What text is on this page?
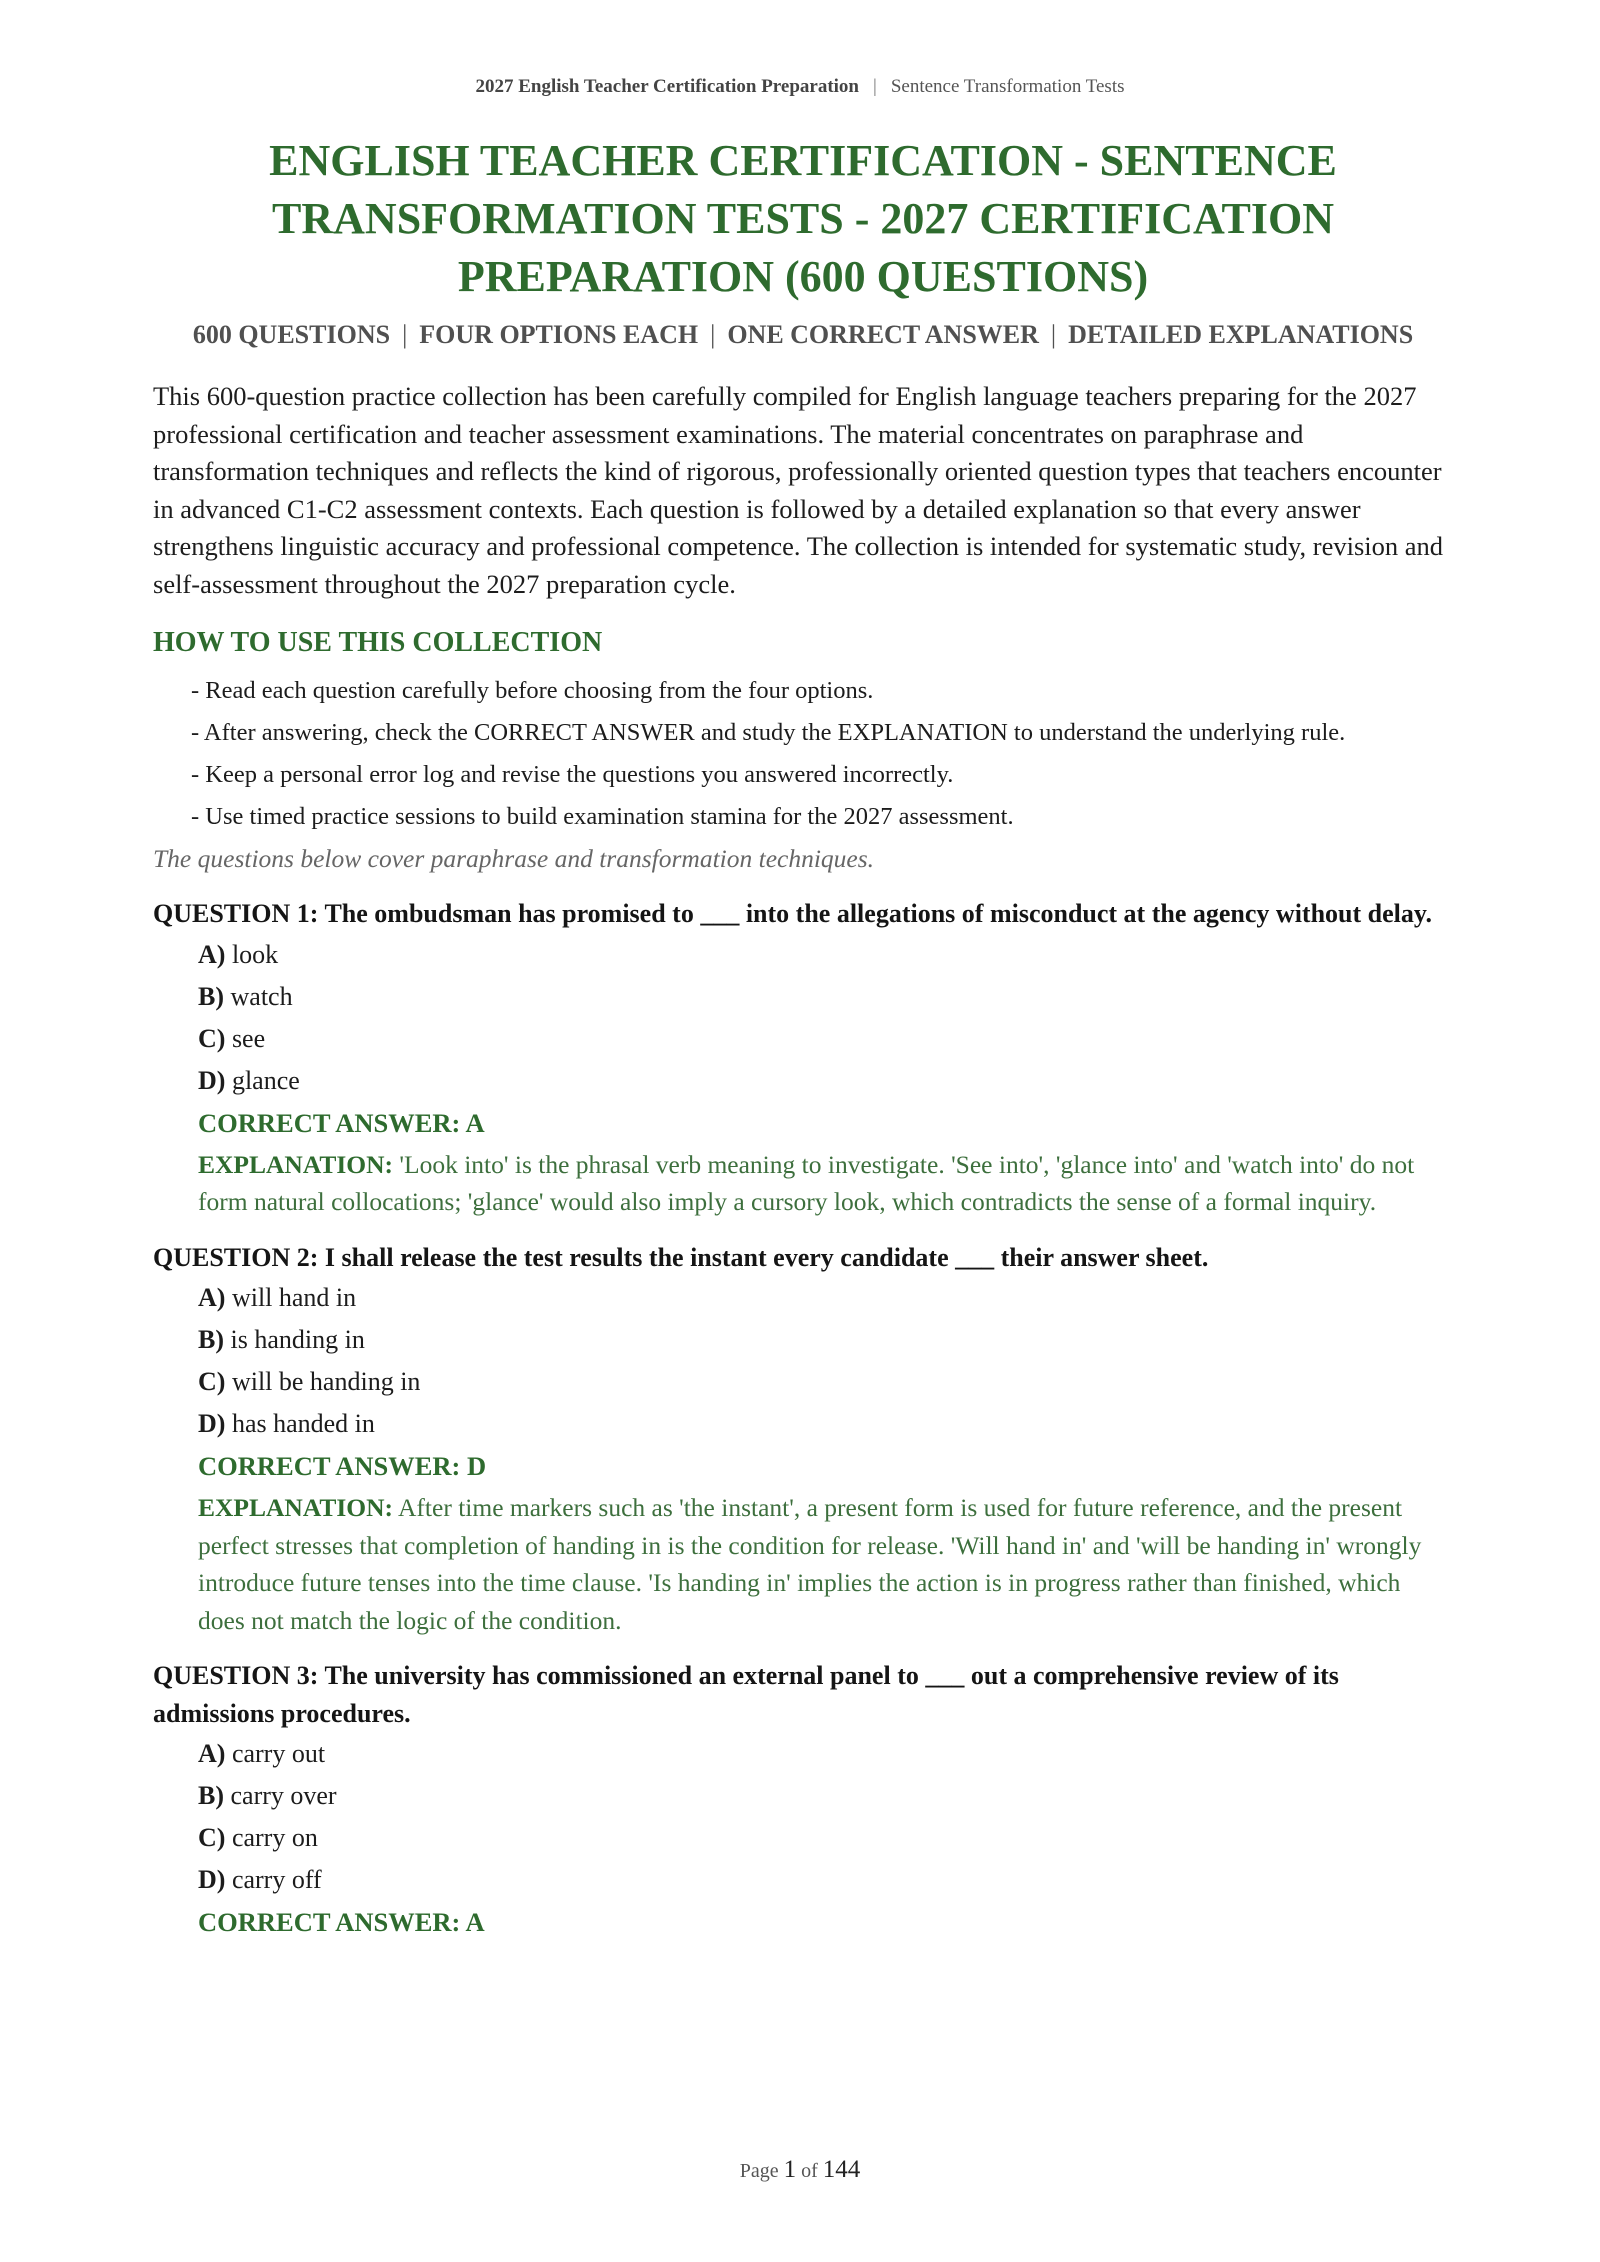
2027 English Teacher Certification Preparation | Sentence Transformation Tests
ENGLISH TEACHER CERTIFICATION - SENTENCE TRANSFORMATION TESTS - 2027 CERTIFICATION PREPARATION (600 QUESTIONS)
600 QUESTIONS | FOUR OPTIONS EACH | ONE CORRECT ANSWER | DETAILED EXPLANATIONS

This 600-question practice collection has been carefully compiled for English language teachers preparing for the 2027 professional certification and teacher assessment examinations. The material concentrates on paraphrase and transformation techniques and reflects the kind of rigorous, professionally oriented question types that teachers encounter in advanced C1-C2 assessment contexts. Each question is followed by a detailed explanation so that every answer strengthens linguistic accuracy and professional competence. The collection is intended for systematic study, revision and self-assessment throughout the 2027 preparation cycle.

HOW TO USE THIS COLLECTION
- Read each question carefully before choosing from the four options.
- After answering, check the CORRECT ANSWER and study the EXPLANATION to understand the underlying rule.
- Keep a personal error log and revise the questions you answered incorrectly.
- Use timed practice sessions to build examination stamina for the 2027 assessment.

The questions below cover paraphrase and transformation techniques.

QUESTION 1: The ombudsman has promised to ___ into the allegations of misconduct at the agency without delay.

A) look
B) watch
C) see
D) glance

CORRECT ANSWER: A

EXPLANATION: 'Look into' is the phrasal verb meaning to investigate. 'See into', 'glance into' and 'watch into' do not form natural collocations; 'glance' would also imply a cursory look, which contradicts the sense of a formal inquiry.

QUESTION 2: I shall release the test results the instant every candidate ___ their answer sheet.

A) will hand in
B) is handing in
C) will be handing in
D) has handed in

CORRECT ANSWER: D

EXPLANATION: After time markers such as 'the instant', a present form is used for future reference, and the present perfect stresses that completion of handing in is the condition for release. 'Will hand in' and 'will be handing in' wrongly introduce future tenses into the time clause. 'Is handing in' implies the action is in progress rather than finished, which does not match the logic of the condition.

QUESTION 3: The university has commissioned an external panel to ___ out a comprehensive review of its admissions procedures.

A) carry out
B) carry over
C) carry on
D) carry off

CORRECT ANSWER: A

Page 1 of 144
